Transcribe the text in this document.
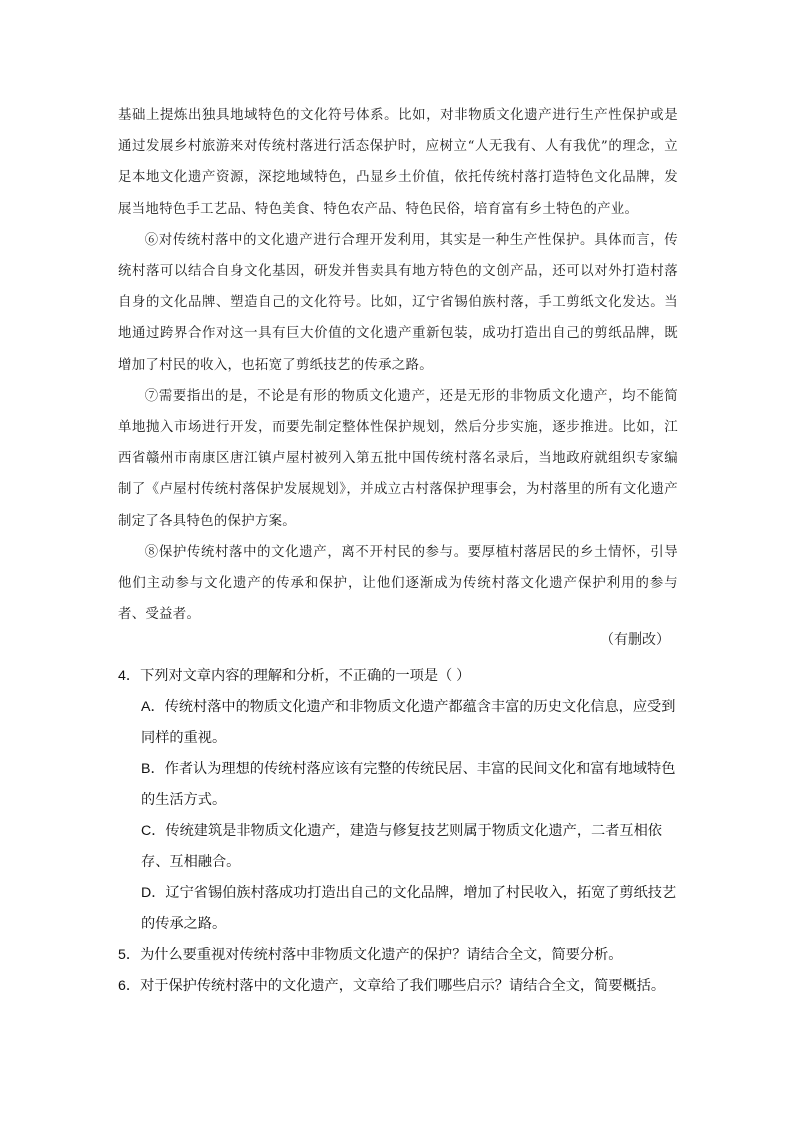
基础上提炼出独具地域特色的文化符号体系。比如，对非物质文化遗产进行生产性保护或是通过发展乡村旅游来对传统村落进行活态保护时，应树立“人无我有、人有我优”的理念，立足本地文化遗产资源，深挖地域特色，凸显乡土价值，依托传统村落打造特色文化品牌，发展当地特色手工艺品、特色美食、特色农产品、特色民俗，培育富有乡土特色的产业。

⑥对传统村落中的文化遗产进行合理开发利用，其实是一种生产性保护。具体而言，传统村落可以结合自身文化基因，研发并售卖具有地方特色的文创产品，还可以对外打造村落自身的文化品牌、塑造自己的文化符号。比如，辽宁省锡伯族村落，手工剪纸文化发达。当地通过跨界合作对这一具有巨大价值的文化遗产重新包装，成功打造出自己的剪纸品牌，既增加了村民的收入，也拓宽了剪纸技艺的传承之路。

⑦需要指出的是，不论是有形的物质文化遗产，还是无形的非物质文化遗产，均不能简单地抛入市场进行开发，而要先制定整体性保护规划，然后分步实施，逐步推进。比如，江西省赣州市南康区唐江镇卢屋村被列入第五批中国传统村落名录后，当地政府就组织专家编制了《卢屋村传统村落保护发展规划》，并成立古村落保护理事会，为村落里的所有文化遗产制定了各具特色的保护方案。

⑧保护传统村落中的文化遗产，离不开村民的参与。要厚植村落居民的乡土情怀，引导他们主动参与文化遗产的传承和保护，让他们逐渐成为传统村落文化遗产保护利用的参与者、受益者。

（有删改）

4．下列对文章内容的理解和分析，不正确的一项是（ ）

A．传统村落中的物质文化遗产和非物质文化遗产都蕴含丰富的历史文化信息，应受到同样的重视。

B．作者认为理想的传统村落应该有完整的传统民居、丰富的民间文化和富有地域特色的生活方式。

C．传统建筑是非物质文化遗产，建造与修复技艺则属于物质文化遗产，二者互相依存、互相融合。

D．辽宁省锡伯族村落成功打造出自己的文化品牌，增加了村民收入，拓宽了剪纸技艺的传承之路。

5．为什么要重视对传统村落中非物质文化遗产的保护？请结合全文，简要分析。

6．对于保护传统村落中的文化遗产，文章给了我们哪些启示？请结合全文，简要概括。
